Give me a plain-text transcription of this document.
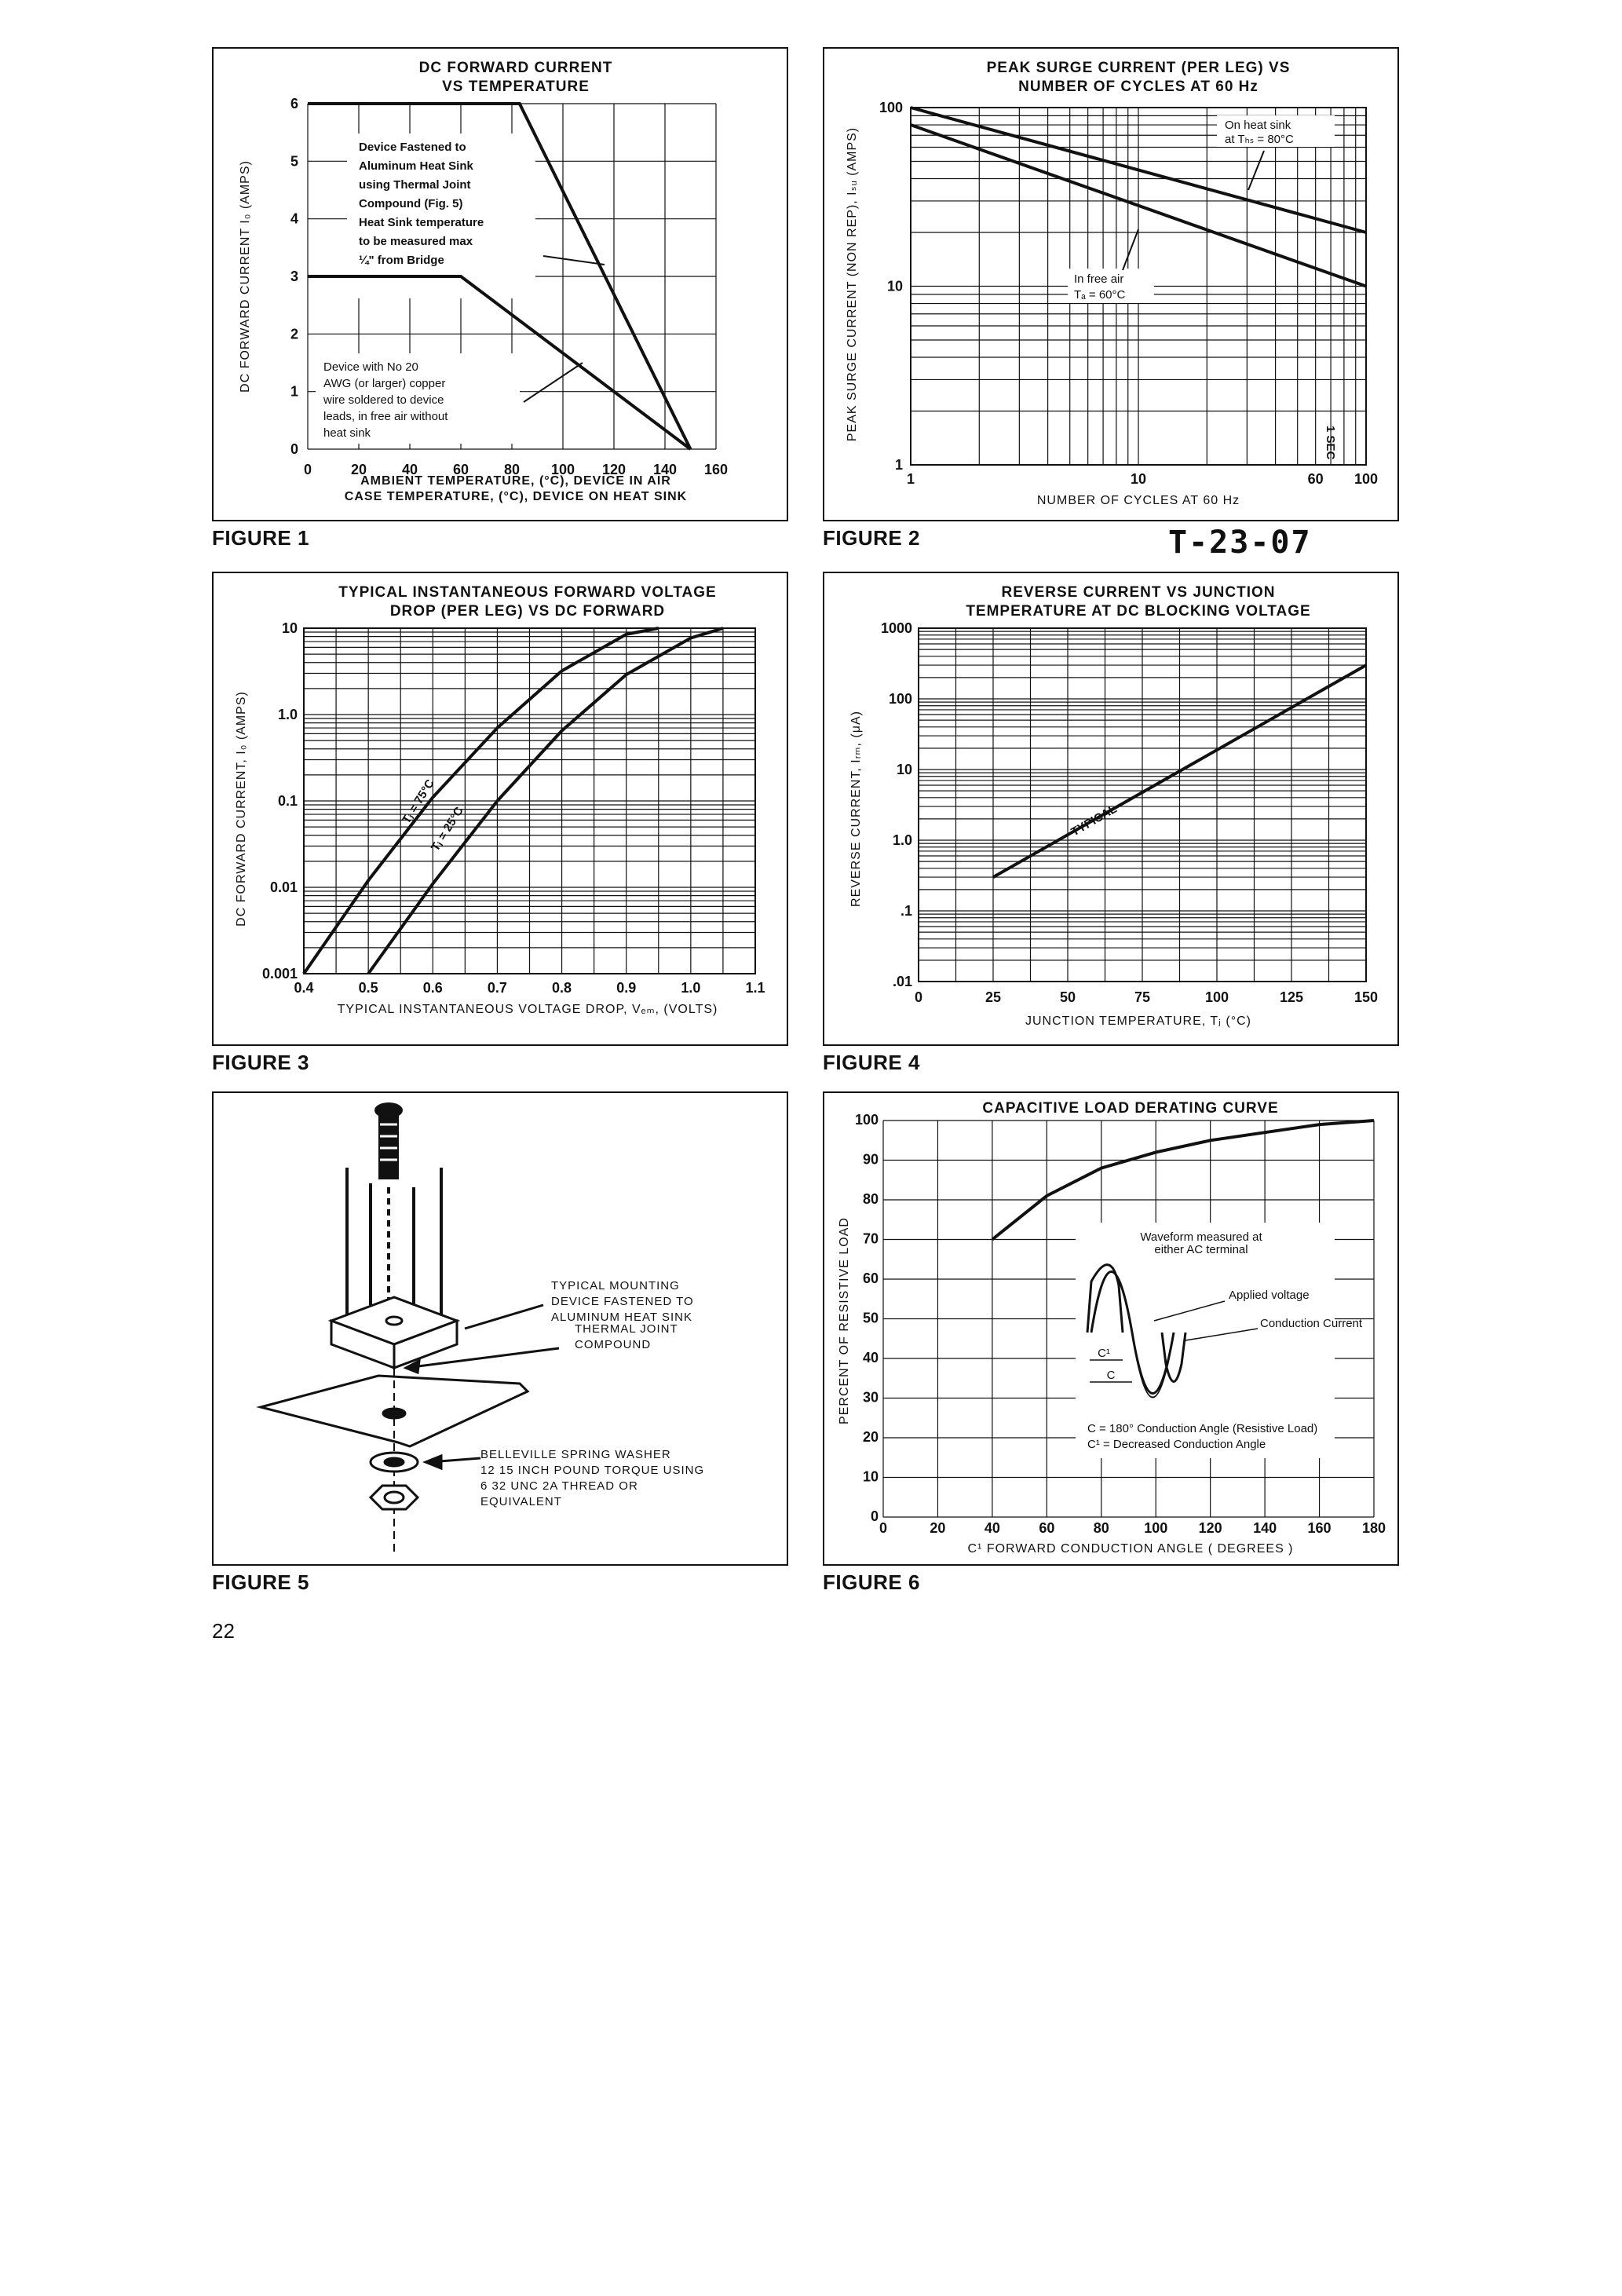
DC FORWARD CURRENT
VS TEMPERATURE
0	20 40 60 80 100 120 140 160
0
1
2
3
4
5
6
Device Fastened to
Aluminum Heat Sink
using Thermal Joint
Compound (Fig. 5)
Heat Sink temperature
to be measured max
¼" from Bridge
Device with No 20
AWG (or larger) copper
wire soldered to device
leads, in free air without
heat sink
AMBIENT TEMPERATURE, (°C), DEVICE IN AIR
CASE TEMPERATURE, (°C), DEVICE ON HEAT SINK
DC FORWARD CURRENT I₀ (AMPS)
FIGURE 1
PEAK SURGE CURRENT (PER LEG) VS
NUMBER OF CYCLES AT 60 Hz
1	10	60 100
1
10
100
On heat sink
at Tₕₛ = 80°C
In free air
Tₐ = 60°C
1 SEC
NUMBER OF CYCLES AT 60 Hz
PEAK SURGE CURRENT (NON REP), Iₛᵤ (AMPS)
FIGURE 2	T-23-07
TYPICAL INSTANTANEOUS FORWARD VOLTAGE
DROP (PER LEG) VS DC FORWARD
0.4	0.5	0.6	0.7	0.8	0.9	1.0	1.1
0.001
0.01
0.1
1.0
10
Tⱼ = 75°C
Tⱼ = 25°C
TYPICAL INSTANTANEOUS VOLTAGE DROP, Vₑₘ, (VOLTS)
DC FORWARD CURRENT, I₀ (AMPS)
FIGURE 3
REVERSE CURRENT VS JUNCTION
TEMPERATURE AT DC BLOCKING VOLTAGE
0	25	50	75	100	125	150
.01
.1
1.0
10
100
1000
TYPICAL
JUNCTION TEMPERATURE, Tⱼ (°C)
REVERSE CURRENT, Iᵣₘ, (μA)
FIGURE 4
TYPICAL MOUNTING
DEVICE FASTENED TO
ALUMINUM HEAT SINK
THERMAL JOINT
COMPOUND
BELLEVILLE SPRING WASHER
12 15 INCH POUND TORQUE USING
6 32 UNC 2A THREAD OR
EQUIVALENT
FIGURE 5
CAPACITIVE LOAD DERATING CURVE
0	20	40	60	80 100 120 140 160 180
0
10
20
30
40
50
60
70
80
90
100
Waveform measured at
either AC terminal
Applied voltage
Conduction Current
C¹
C
C = 180° Conduction Angle (Resistive Load)
C¹ = Decreased Conduction Angle
C¹ FORWARD CONDUCTION ANGLE ( DEGREES )
PERCENT OF RESISTIVE LOAD
FIGURE 6
22
